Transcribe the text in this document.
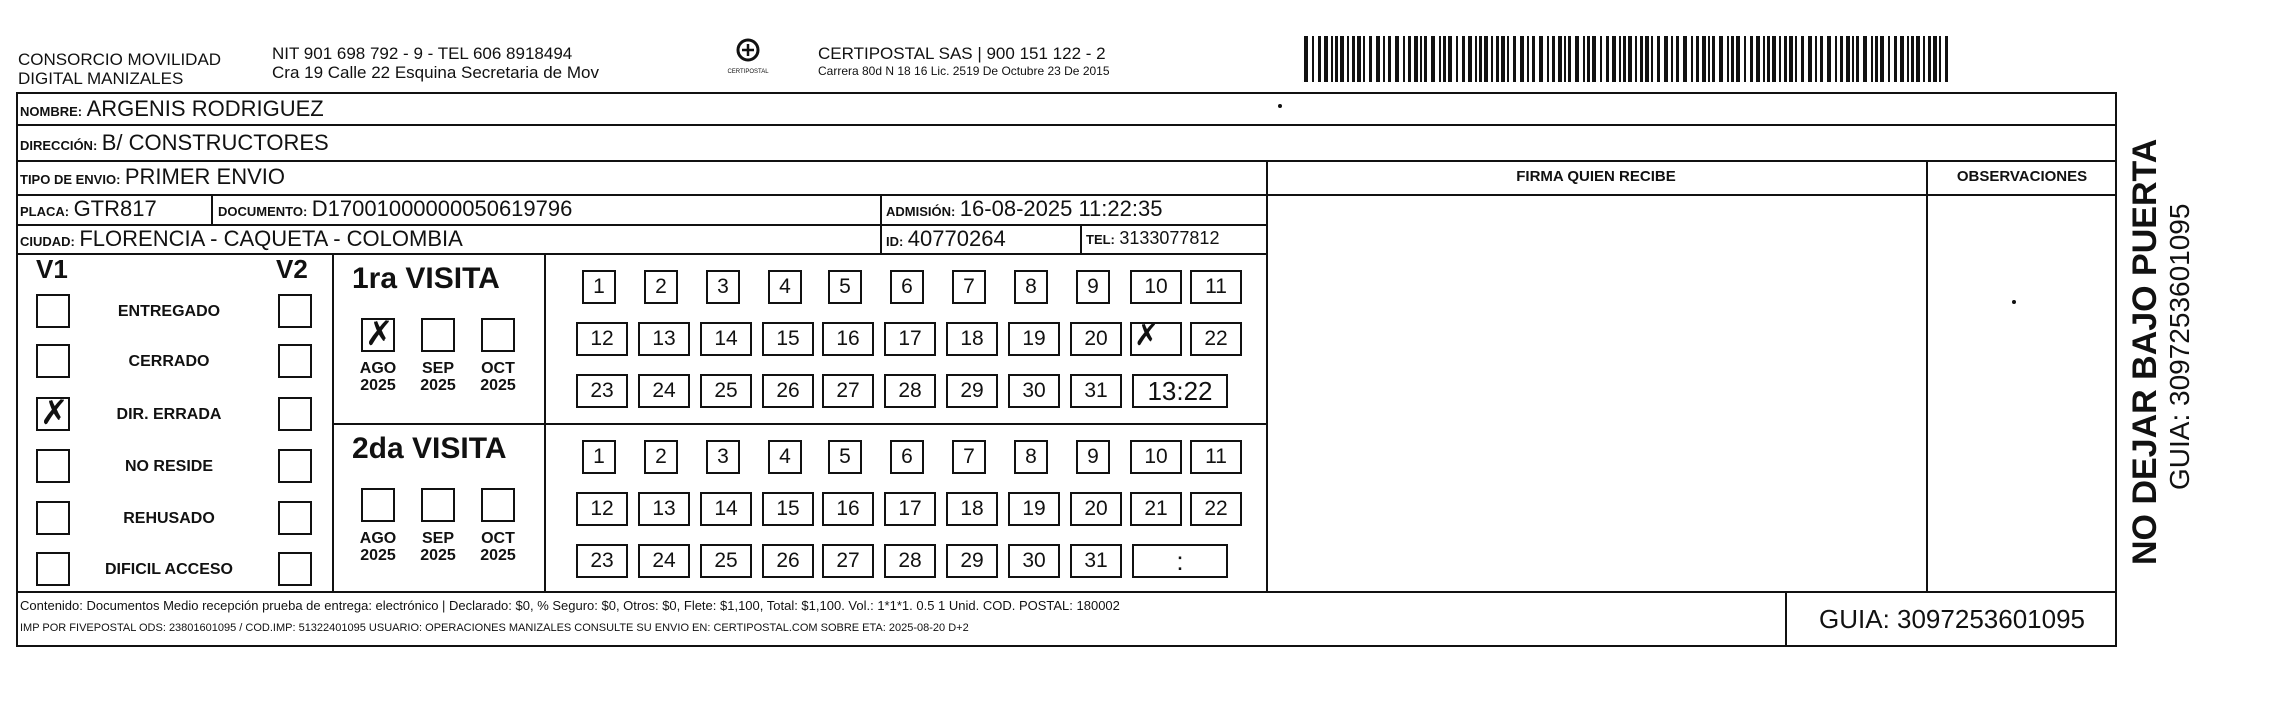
CONSORCIO MOVILIDAD
DIGITAL MANIZALES
NIT 901 698 792 - 9 - TEL 606 8918494
Cra 19 Calle 22 Esquina Secretaria de Mov	CERTIPOSTAL
CERTIPOSTAL SAS | 900 151 122 - 2
Carrera 80d N 18 16 Lic. 2519 De Octubre 23 De 2015
NOMBRE: ARGENIS RODRIGUEZ
DIRECCIÓN: B/ CONSTRUCTORES
TIPO DE ENVIO: PRIMER ENVIO	FIRMA QUIEN RECIBE	OBSERVACIONES
PLACA: GTR817	DOCUMENTO: D17001000000050619796	ADMISIÓN: 16-08-2025 11:22:35
CIUDAD: FLORENCIA - CAQUETA - COLOMBIA	ID: 40770264	TEL: 3133077812
V1	V2
ENTREGADO
CERRADO
✗
DIR. ERRADA
NO RESIDE
REHUSADO
DIFICIL ACCESO
1ra VISITA
2da VISITA
✗
AGO
2025
SEP
2025
OCT
2025
AGO
2025
SEP
2025
OCT
2025
1	2	3	4	5	6	7	8	9	10	11
12	13	14	15	16	17	18	19	20
✗	22
23	24	25	26	27	28	29	30	31	13:22
1	2	3	4	5	6	7	8	9	10	11
12	13	14	15	16	17	18	19	20	21	22
23	24	25	26	27	28	29	30	31	:
Contenido: Documentos Medio recepción prueba de entrega: electrónico | Declarado: $0, % Seguro: $0, Otros: $0, Flete: $1,100, Total: $1,100. Vol.: 1*1*1. 0.5 1 Unid. COD. POSTAL: 180002
IMP POR FIVEPOSTAL ODS: 23801601095 / COD.IMP: 51322401095 USUARIO: OPERACIONES MANIZALES CONSULTE SU ENVIO EN: CERTIPOSTAL.COM SOBRE ETA: 2025-08-20 D+2	GUIA: 3097253601095
NO DEJAR BAJO PUERTA GUIA: 3097253601095
